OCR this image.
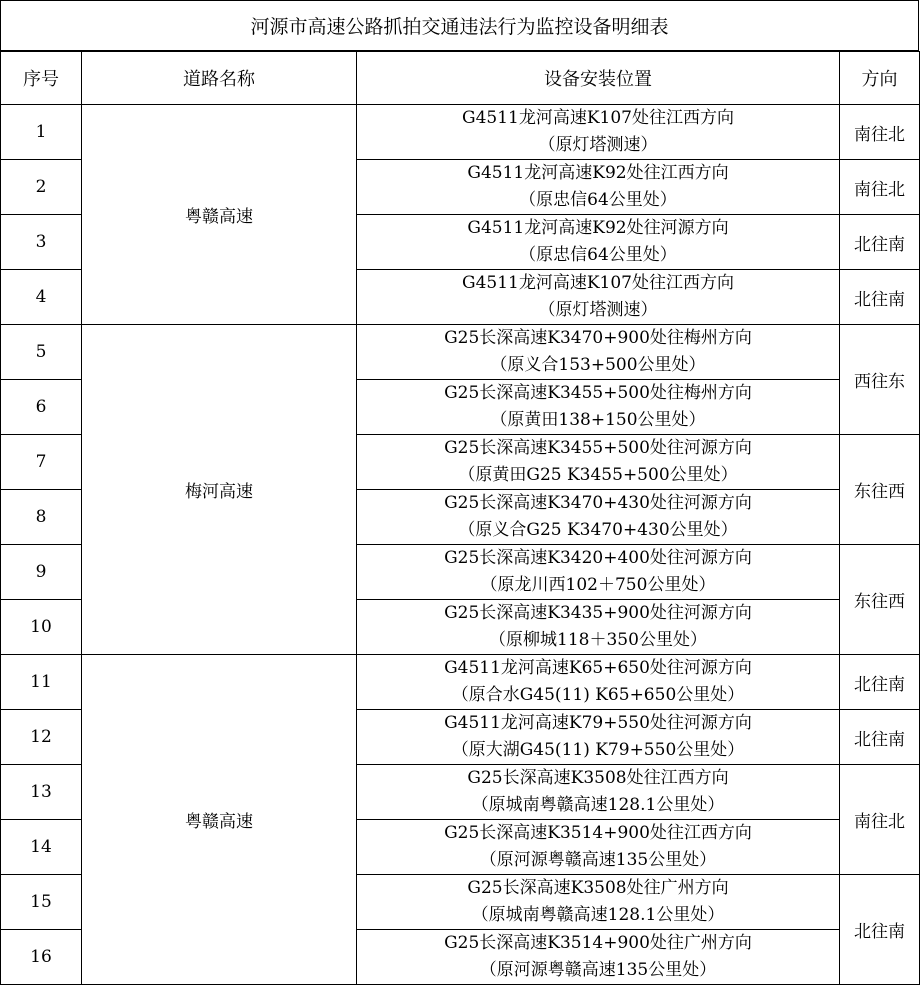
河源市高速公路抓拍交通违法行为监控设备明细表
序号	道路名称	设备安装位置	方向
1	粤赣高速	G4511龙河高速K107处往江西方向
（原灯塔测速）	南往北
2		G4511龙河高速K92处往江西方向
（原忠信64公里处）	南往北
3		G4511龙河高速K92处往河源方向
（原忠信64公里处）	北往南
4		G4511龙河高速K107处往江西方向
（原灯塔测速）	北往南
5	梅河高速	G25长深高速K3470+900处往梅州方向
（原义合153+500公里处）	西往东
6		G25长深高速K3455+500处往梅州方向
（原黄田138+150公里处）	

7		G25长深高速K3455+500处往河源方向
（原黄田G25 K3455+500公里处）	东往西
8		G25长深高速K3470+430处往河源方向
（原义合G25 K3470+430公里处）	

9		G25长深高速K3420+400处往河源方向
（原龙川西102＋750公里处）	东往西
10		G25长深高速K3435+900处往河源方向
（原柳城118＋350公里处）	

11	粤赣高速	G4511龙河高速K65+650处往河源方向
（原合水G45(11) K65+650公里处）	北往南
12		G4511龙河高速K79+550处往河源方向
（原大湖G45(11) K79+550公里处）	北往南
13		G25长深高速K3508处往江西方向
（原城南粤赣高速128.1公里处）	南往北
14		G25长深高速K3514+900处往江西方向
（原河源粤赣高速135公里处）	

15		G25长深高速K3508处往广州方向
（原城南粤赣高速128.1公里处）	北往南
16		G25长深高速K3514+900处往广州方向
（原河源粤赣高速135公里处）	
